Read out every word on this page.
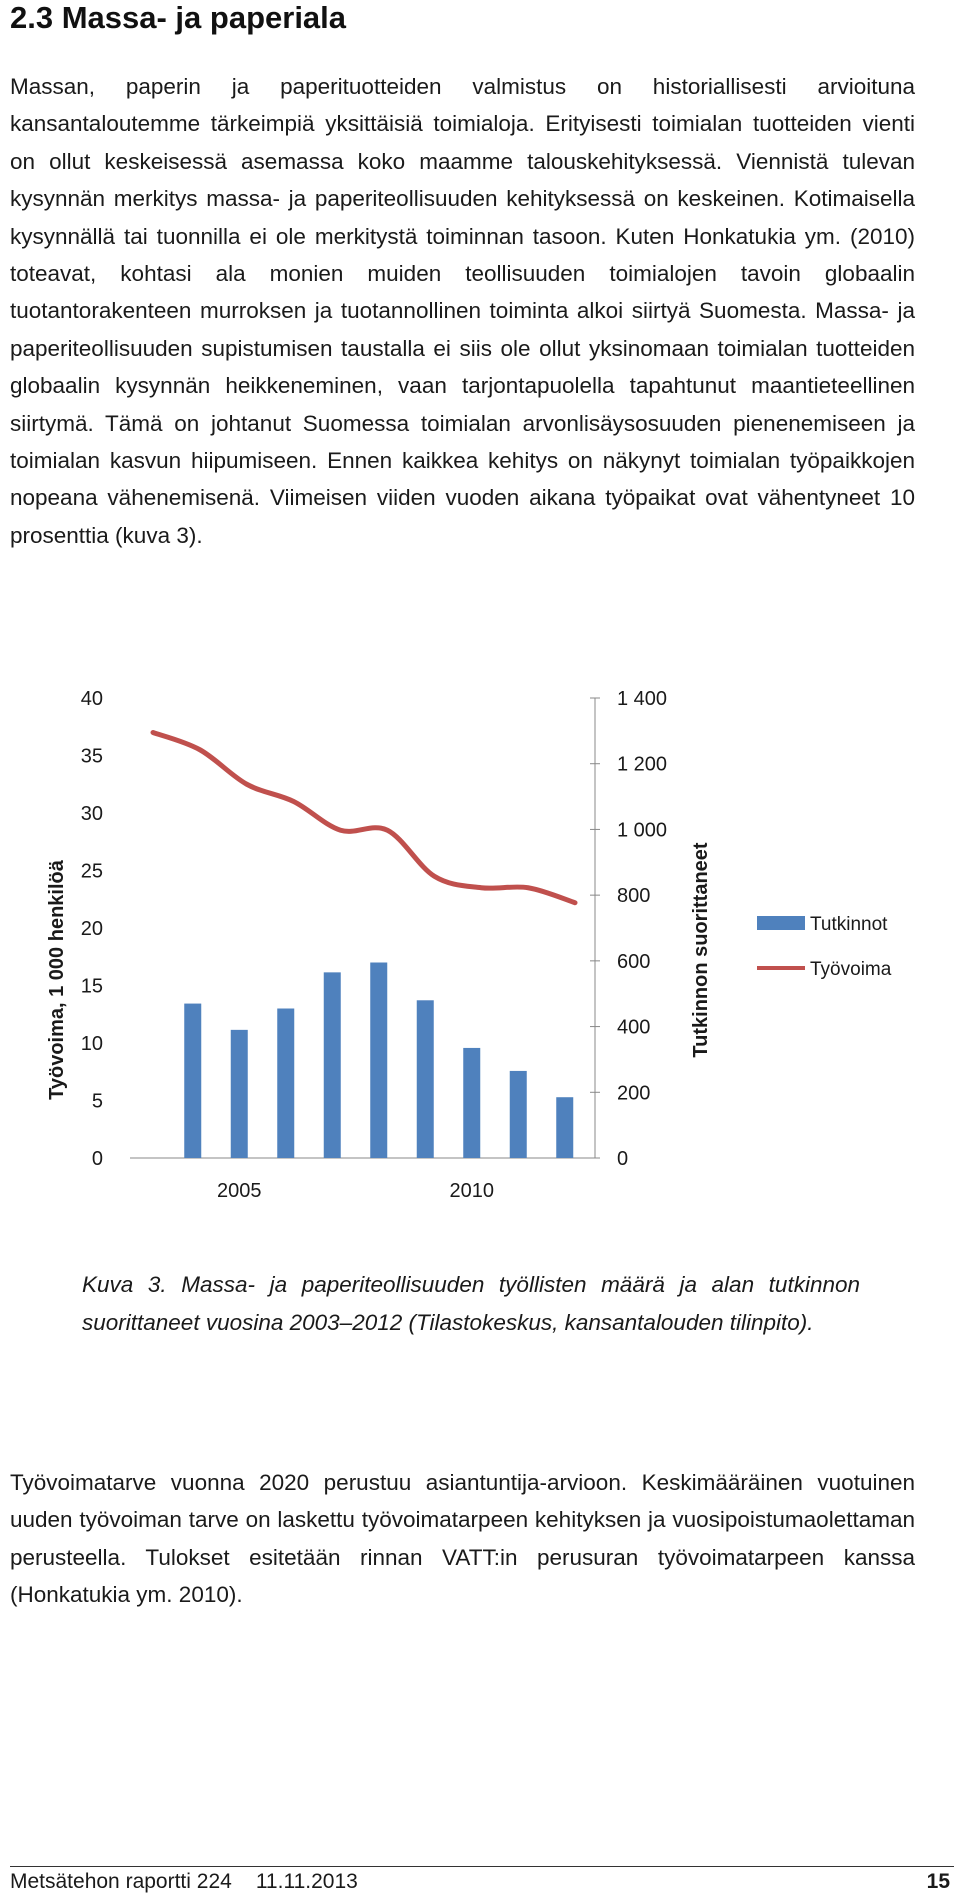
2.3 Massa- ja paperiala

Massan, paperin ja paperituotteiden valmistus on historiallisesti arvioituna kansantaloutemme tärkeimpiä yksittäisiä toimialoja. Erityisesti toimialan tuotteiden vienti on ollut keskeisessä asemassa koko maamme talouskehityksessä. Viennistä tulevan kysynnän merkitys massa- ja paperiteollisuuden kehityksessä on keskeinen. Kotimaisella kysynnällä tai tuonnilla ei ole merkitystä toiminnan tasoon. Kuten Honkatukia ym. (2010) toteavat, kohtasi ala monien muiden teollisuuden toimialojen tavoin globaalin tuotantorakenteen murroksen ja tuotannollinen toiminta alkoi siirtyä Suomesta. Massa- ja paperiteollisuuden supistumisen taustalla ei siis ole ollut yksinomaan toimialan tuotteiden globaalin kysynnän heikkeneminen, vaan tarjontapuolella tapahtunut maantieteellinen siirtymä. Tämä on johtanut Suomessa toimialan arvonlisäysosuuden pienenemiseen ja toimialan kasvun hiipumiseen. Ennen kaikkea kehitys on näkynyt toimialan työpaikkojen nopeana vähenemisenä. Viimeisen viiden vuoden aikana työpaikat ovat vähentyneet 10 prosenttia (kuva 3).

0
5
10
15
20
25
30
35
40
0
200
400
600
800
1 000
1 200
1 400
Työvoima, 1 000 henkilöä	Tutkinnon suorittaneet
2005	2010
Tutkinnot
Työvoima

Kuva 3. Massa- ja paperiteollisuuden työllisten määrä ja alan tutkinnon suorittaneet vuosina 2003–2012 (Tilastokeskus, kansantalouden tilinpito).

Työvoimatarve vuonna 2020 perustuu asiantuntija-arvioon. Keskimääräinen vuotuinen uuden työvoiman tarve on laskettu työvoimatarpeen kehityksen ja vuosipoistumaolettaman perusteella. Tulokset esitetään rinnan VATT:in perusuran työvoimatarpeen kanssa (Honkatukia ym. 2010).

Metsätehon raportti 224 11.11.2013	15
